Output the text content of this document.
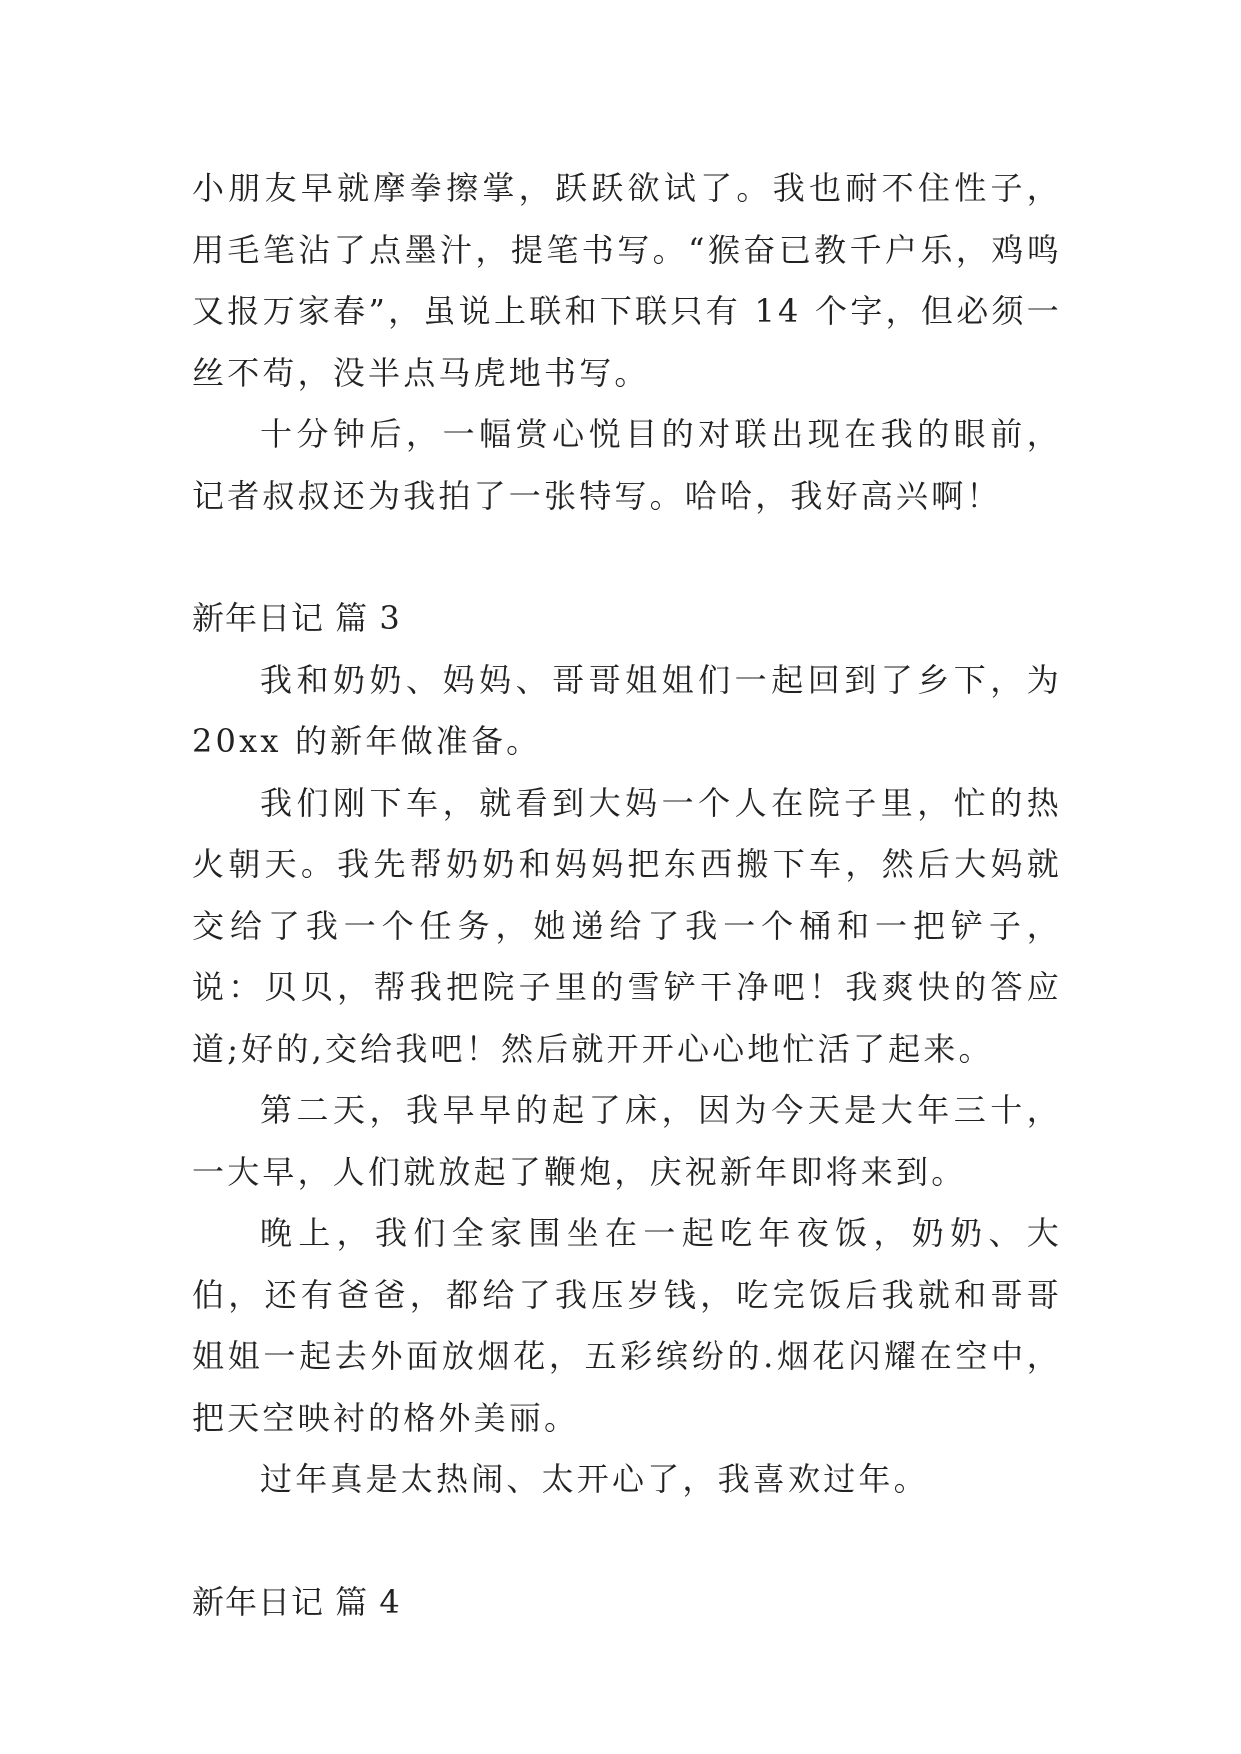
小朋友早就摩拳擦掌，跃跃欲试了。我也耐不住性子，用毛笔沾了点墨汁，提笔书写。“猴奋已教千户乐，鸡鸣又报万家春”，虽说上联和下联只有 14 个字，但必须一丝不苟，没半点马虎地书写。

十分钟后，一幅赏心悦目的对联出现在我的眼前，记者叔叔还为我拍了一张特写。哈哈，我好高兴啊！

新年日记 篇 3

我和奶奶、妈妈、哥哥姐姐们一起回到了乡下，为 20xx 的新年做准备。

我们刚下车，就看到大妈一个人在院子里，忙的热火朝天。我先帮奶奶和妈妈把东西搬下车，然后大妈就交给了我一个任务，她递给了我一个桶和一把铲子，说：贝贝，帮我把院子里的雪铲干净吧！我爽快的答应道;好的,交给我吧！然后就开开心心地忙活了起来。

第二天，我早早的起了床，因为今天是大年三十，一大早，人们就放起了鞭炮，庆祝新年即将来到。

晚上，我们全家围坐在一起吃年夜饭，奶奶、大伯，还有爸爸，都给了我压岁钱，吃完饭后我就和哥哥姐姐一起去外面放烟花，五彩缤纷的.烟花闪耀在空中，把天空映衬的格外美丽。

过年真是太热闹、太开心了，我喜欢过年。

新年日记 篇 4
